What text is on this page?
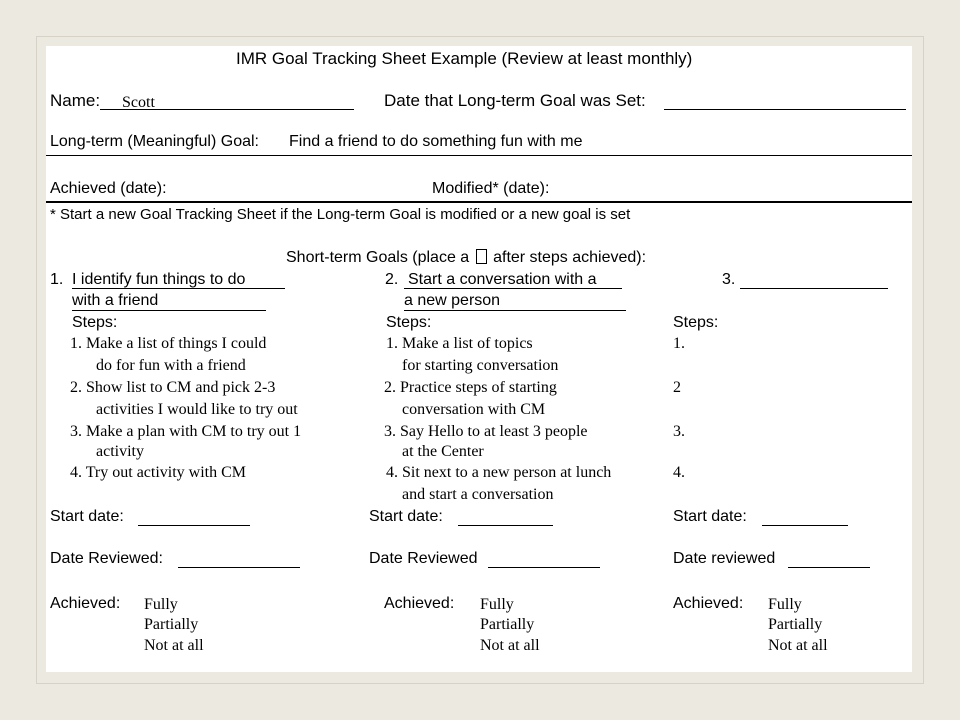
IMR Goal Tracking Sheet Example (Review at least monthly)
Name: Scott	Date that Long-term Goal was Set:
Long-term (Meaningful) Goal: Find a friend to do something fun with me
Achieved (date):	Modified* (date):
* Start a new Goal Tracking Sheet if the Long-term Goal is modified or a new goal is set
Short-term Goals (place a after steps achieved):
1. I identify fun things to do
with a friend
Steps:
1. Make a list of things I could
do for fun with a friend
2. Show list to CM and pick 2-3
activities I would like to try out
3. Make a plan with CM to try out 1
activity
4. Try out activity with CM
Start date:
Date Reviewed:
Achieved: Fully
Partially
Not at all
2. Start a conversation with a
a new person
Steps:
1. Make a list of topics
for starting conversation
2. Practice steps of starting
conversation with CM
3. Say Hello to at least 3 people
at the Center
4. Sit next to a new person at lunch
and start a conversation
Start date:
Date Reviewed
Achieved: Fully
Partially
Not at all
3.
Steps:
1.
2
3.
4.
Start date:
Date reviewed
Achieved: Fully
Partially
Not at all
